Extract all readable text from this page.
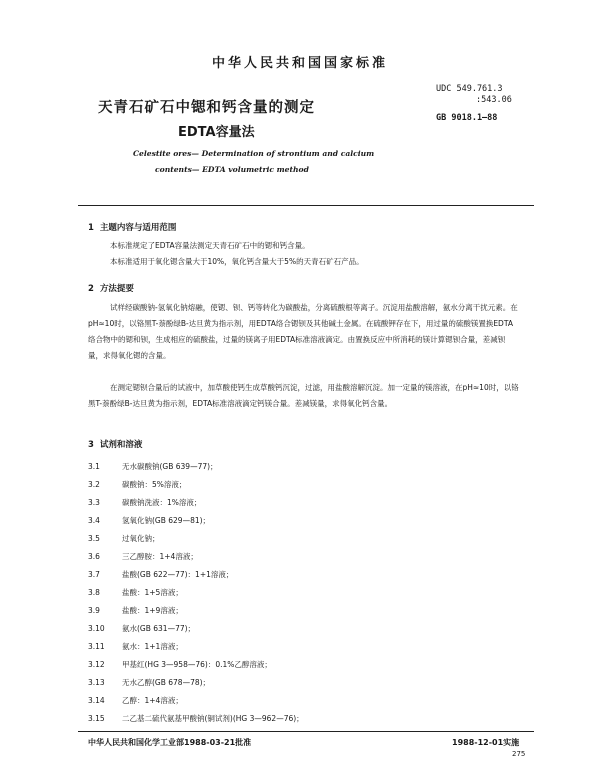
中华人民共和国国家标准
天青石矿石中锶和钙含量的测定
EDTA容量法
UDC 549.761.3
:543.06
GB 9018.1—88
Celestite ores— Determination of strontium and calcium
contents— EDTA volumetric method
1 主题内容与适用范围
本标准规定了EDTA容量法测定天青石矿石中的锶和钙含量。
本标准适用于氧化锶含量大于10%，氧化钙含量大于5%的天青石矿石产品。
2 方法提要
试样经碳酸钠-氢氧化钠熔融，使锶、钡、钙等转化为碳酸盐，分离硫酸根等离子。沉淀用盐酸溶解，氨水分离干扰元素。在pH≈10时，以铬黑T-萘酚绿B-达旦黄为指示剂，用EDTA络合锶钡及其他碱土金属。在硫酸钾存在下，用过量的硫酸镁置换EDTA络合物中的锶和钡，生成相应的硫酸盐，过量的镁离子用EDTA标准溶液滴定。由置换反应中所消耗的镁计算锶钡合量，差减钡量，求得氧化锶的含量。
在测定锶钡合量后的试液中，加草酸使钙生成草酸钙沉淀，过滤，用盐酸溶解沉淀。加一定量的镁溶液，在pH≈10时，以铬黑T-萘酚绿B-达旦黄为指示剂，EDTA标准溶液滴定钙镁合量。差减镁量，求得氧化钙含量。
3 试剂和溶液
3.1	无水碳酸钠(GB 639—77)；
3.2	碳酸钠：5%溶液；
3.3	碳酸钠洗液：1%溶液；
3.4	氢氧化钠(GB 629—81)；
3.5	过氧化钠；
3.6	三乙醇胺：1+4溶液；
3.7	盐酸(GB 622—77)：1+1溶液；
3.8	盐酸：1+5溶液；
3.9	盐酸：1+9溶液；
3.10 氨水(GB 631—77)；
3.11 氨水：1+1溶液；
3.12 甲基红(HG 3—958—76)：0.1%乙醇溶液；
3.13 无水乙醇(GB 678—78)；
3.14 乙醇：1+4溶液；
3.15 二乙基二硫代氨基甲酸钠(铜试剂)(HG 3—962—76)；
中华人民共和国化学工业部1988-03-21批准	1988-12-01实施
275
